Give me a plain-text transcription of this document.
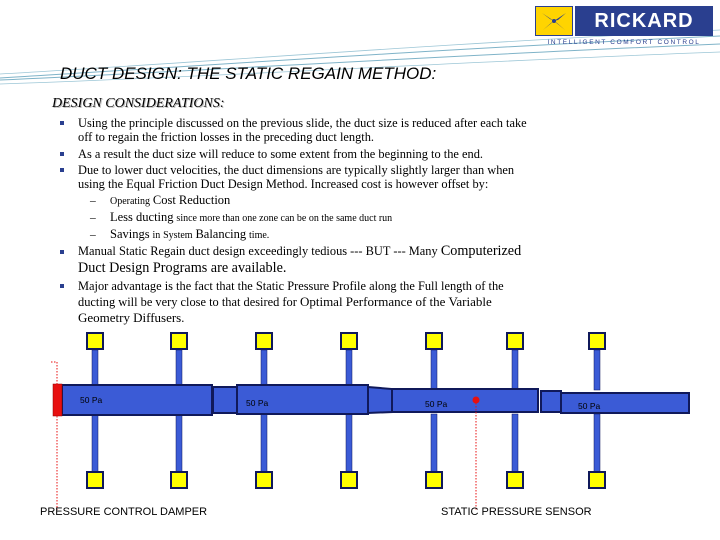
RICKARD
INTELLIGENT COMFORT CONTROL
DUCT DESIGN: THE STATIC REGAIN METHOD:
DESIGN CONSIDERATIONS:
Using the principle discussed on the previous slide, the duct size is reduced after each take
off to regain the friction losses in the preceding duct length.
As a result the duct size will reduce to some extent from the beginning to the end.
Due to lower duct velocities, the duct dimensions are typically slightly larger than when
using the Equal Friction Duct Design Method. Increased cost is however offset by:
– Operating Cost Reduction
– Less ducting since more than one zone can be on the same duct run
– Savings in System Balancing time.
Manual Static Regain duct design exceedingly tedious --- BUT --- Many Computerized
Duct Design Programs are available.
Major advantage is the fact that the Static Pressure Profile along the Full length of the
ducting will be very close to that desired for Optimal Performance of the Variable
Geometry Diffusers.
50 Pa	50 Pa	50 Pa	50 Pa
PRESSURE CONTROL DAMPER	STATIC PRESSURE SENSOR
